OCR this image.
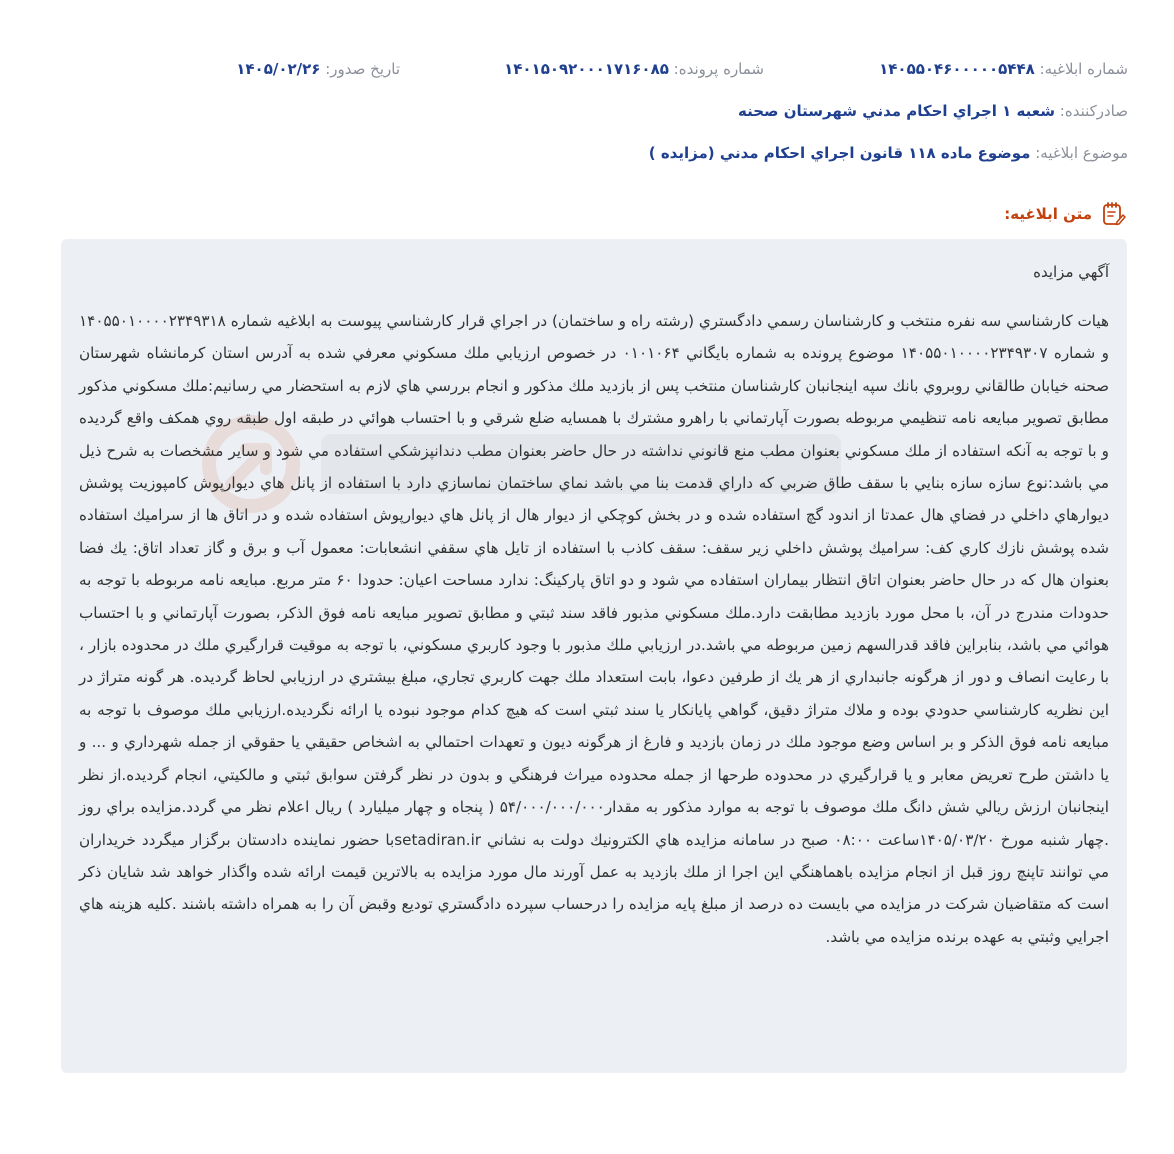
شماره ابلاغيه: ۱۴۰۵۵۰۴۶۰۰۰۰۰۵۴۴۸
شماره پرونده: ۱۴۰۱۵۰۹۲۰۰۰۱۷۱۶۰۸۵
تاريخ صدور: ۱۴۰۵/۰۲/۲۶
صادرکننده: شعبه ۱ اجراي احكام مدني شهرستان صحنه
موضوع ابلاغيه: موضوع ماده ۱۱۸ قانون اجراي احكام مدني (مزايده )
متن ابلاغيه:

آگهي مزايده

هيات كارشناسي سه نفره منتخب و كارشناسان رسمي دادگستري (رشته راه و ساختمان) در اجراي قرار كارشناسي پيوست به ابلاغيه شماره ۱۴۰۵۵۰۱۰۰۰۰۲۳۴۹۳۱۸ و شماره ۱۴۰۵۵۰۱۰۰۰۰۲۳۴۹۳۰۷ موضوع پرونده به شماره بايگاني ۰۱۰۱۰۶۴ در خصوص ارزيابي ملك مسكوني معرفي شده به آدرس استان كرمانشاه شهرستان صحنه خيابان طالقاني روبروي بانك سپه اينجانبان كارشناسان منتخب پس از بازديد ملك مذكور و انجام بررسي هاي لازم به استحضار مي رسانيم:ملك مسكوني مذكور مطابق تصوير مبايعه نامه تنظيمي مربوطه بصورت آپارتماني با راهرو مشترك با همسايه ضلع شرقي و با احتساب هوائي در طبقه اول طبقه روي همكف واقع گرديده و با توجه به آنكه استفاده از ملك مسكوني بعنوان مطب منع قانوني نداشته در حال حاضر بعنوان مطب دندانپزشكي استفاده مي شود و ساير مشخصات به شرح ذيل مي باشد:نوع سازه سازه بنايي با سقف طاق ضربي كه داراي قدمت بنا مي باشد نماي ساختمان نماسازي دارد با استفاده از پانل هاي ديوارپوش كامپوزيت پوشش ديوارهاي داخلي در فضاي هال عمدتا از اندود گچ استفاده شده و در بخش كوچكي از ديوار هال از پانل هاي ديوارپوش استفاده شده و در اتاق ها از سراميك استفاده شده پوشش نازك كاري كف: سراميك پوشش داخلي زير سقف: سقف كاذب با استفاده از تايل هاي سقفي انشعابات: معمول آب و برق و گاز تعداد اتاق: يك فضا بعنوان هال كه در حال حاضر بعنوان اتاق انتظار بيماران استفاده مي شود و دو اتاق پاركينگ: ندارد مساحت اعيان: حدودا ۶۰ متر مربع. مبايعه نامه مربوطه با توجه به حدودات مندرج در آن، با محل مورد بازديد مطابقت دارد.ملك مسكوني مذبور فاقد سند ثبتي و مطابق تصوير مبايعه نامه فوق الذكر، بصورت آپارتماني و با احتساب هوائي مي باشد، بنابراين فاقد قدرالسهم زمين مربوطه مي باشد.در ارزيابي ملك مذبور با وجود كاربري مسكوني، با توجه به موقيت قرارگيري ملك در محدوده بازار ، با رعايت انصاف و دور از هرگونه جانبداري از هر يك از طرفين دعوا، بابت استعداد ملك جهت كاربري تجاري، مبلغ بيشتري در ارزيابي لحاظ گرديده. هر گونه متراژ در اين نظريه كارشناسي حدودي بوده و ملاك متراژ دقيق، گواهي پايانكار يا سند ثبتي است كه هيچ كدام موجود نبوده يا ارائه نگرديده.ارزيابي ملك موصوف با توجه به مبايعه نامه فوق الذكر و بر اساس وضع موجود ملك در زمان بازديد و فارغ از هرگونه ديون و تعهدات احتمالي به اشخاص حقيقي يا حقوقي از جمله شهرداري و ... و يا داشتن طرح تعريض معابر و يا قرارگيري در محدوده طرحها از جمله محدوده ميراث فرهنگي و بدون در نظر گرفتن سوابق ثبتي و مالكيتي، انجام گرديده.از نظر اينجانبان ارزش ريالي شش دانگ ملك موصوف با توجه به موارد مذكور به مقدار۵۴/۰۰۰/۰۰۰/۰۰۰ ( پنجاه و چهار ميليارد ) ريال اعلام نظر مي گردد.مزايده براي روز .چهار شنبه مورخ ۱۴۰۵/۰۳/۲۰ساعت ۰۸:۰۰ صبح در سامانه مزايده هاي الكترونيك دولت به نشاني setadiran.irبا حضور نماينده دادستان برگزار ميگردد خريداران مي توانند تاپنچ روز قبل از انجام مزايده باهماهنگي اين اجرا از ملك بازديد به عمل آورند مال مورد مزايده به بالاترين قيمت ارائه شده واگذار خواهد شد شايان ذكر است كه متقاضيان شركت در مزايده مي بايست ده درصد از مبلغ پايه مزايده را درحساب سپرده دادگستري توديع وقبض آن را به همراه داشته باشند .كليه هزينه هاي اجرايي وثبتي به عهده برنده مزايده مي باشد.
